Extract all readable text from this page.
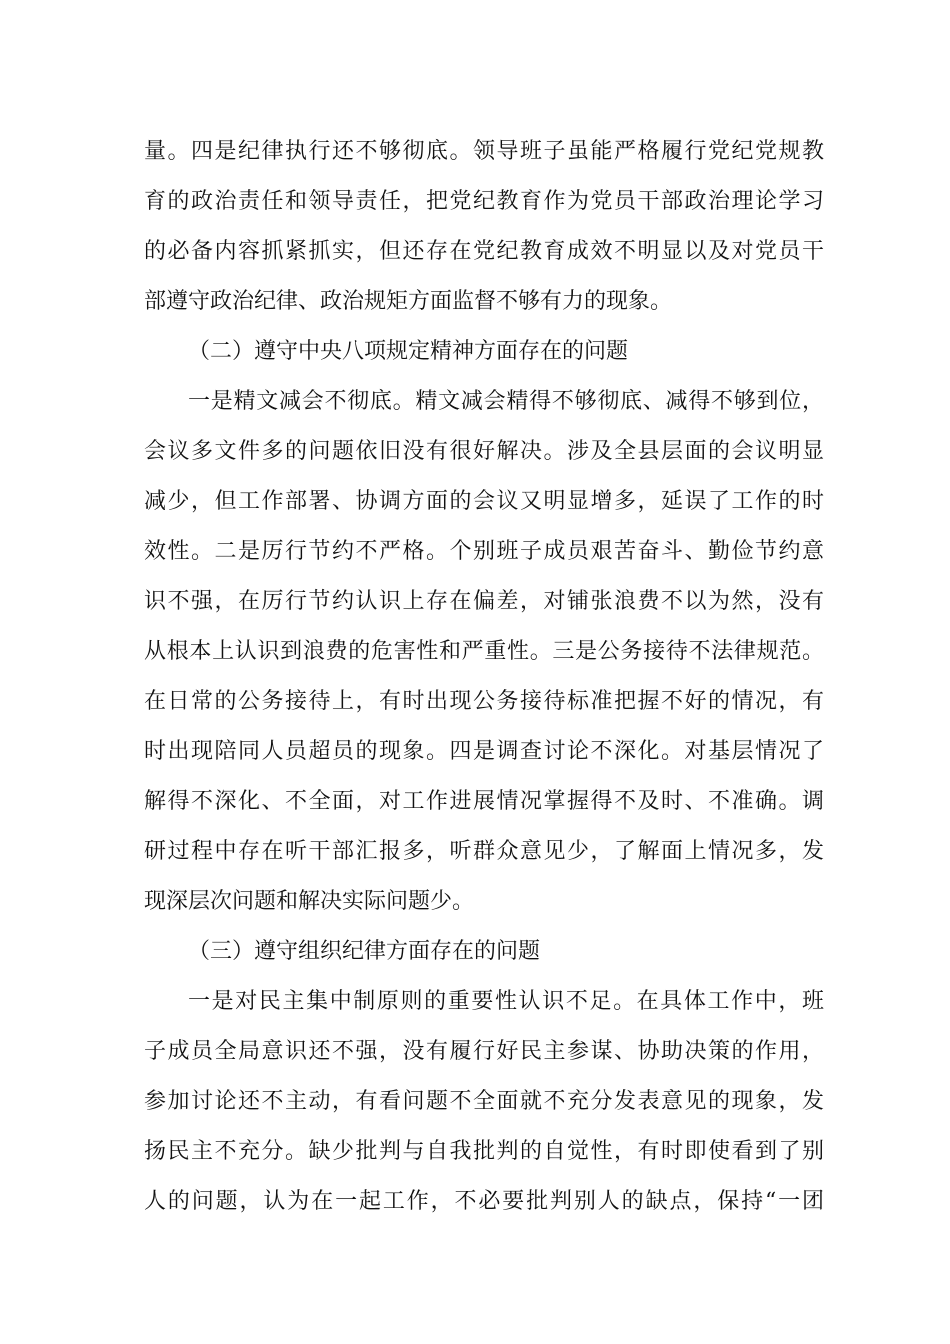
量。四是纪律执行还不够彻底。领导班子虽能严格履行党纪党规教
育的政治责任和领导责任，把党纪教育作为党员干部政治理论学习
的必备内容抓紧抓实，但还存在党纪教育成效不明显以及对党员干
部遵守政治纪律、政治规矩方面监督不够有力的现象。
（二）遵守中央八项规定精神方面存在的问题
一是精文减会不彻底。精文减会精得不够彻底、减得不够到位，
会议多文件多的问题依旧没有很好解决。涉及全县层面的会议明显
减少，但工作部署、协调方面的会议又明显增多，延误了工作的时
效性。二是厉行节约不严格。个别班子成员艰苦奋斗、勤俭节约意
识不强，在厉行节约认识上存在偏差，对铺张浪费不以为然，没有
从根本上认识到浪费的危害性和严重性。三是公务接待不法律规范。
在日常的公务接待上，有时出现公务接待标准把握不好的情况，有
时出现陪同人员超员的现象。四是调查讨论不深化。对基层情况了
解得不深化、不全面，对工作进展情况掌握得不及时、不准确。调
研过程中存在听干部汇报多，听群众意见少，了解面上情况多，发
现深层次问题和解决实际问题少。
（三）遵守组织纪律方面存在的问题
一是对民主集中制原则的重要性认识不足。在具体工作中，班
子成员全局意识还不强，没有履行好民主参谋、协助决策的作用，
参加讨论还不主动，有看问题不全面就不充分发表意见的现象，发
扬民主不充分。缺少批判与自我批判的自觉性，有时即使看到了别
人的问题，认为在一起工作，不必要批判别人的缺点，保持“一团
